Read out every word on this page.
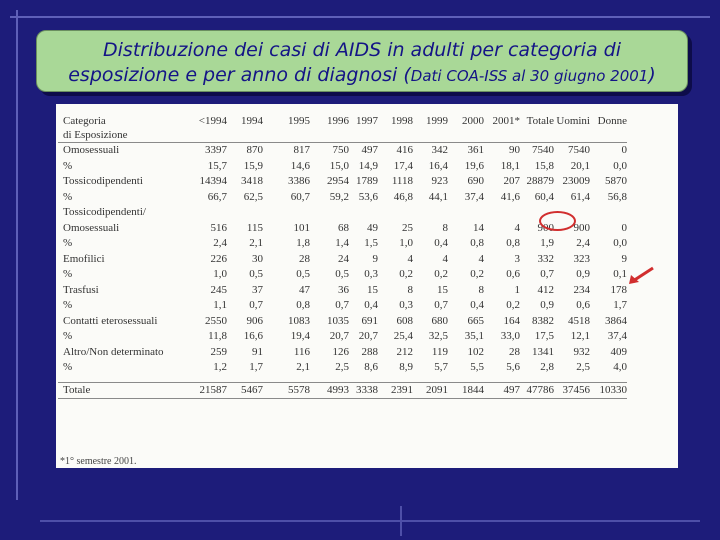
Distribuzione dei casi di AIDS in adulti per categoria di
esposizione e per anno di diagnosi (Dati COA-ISS al 30 giugno 2001)
Categoria
di Esposizione	<1994	1994	1995	1996	1997	1998	1999	2000	2001*	Totale	Uomini	Donne

Omosessuali	3397	870	817	750	497	416	342	361	90	7540	7540	0
%	15,7	15,9	14,6	15,0	14,9	17,4	16,4	19,6	18,1	15,8	20,1	0,0
Tossicodipendenti	14394	3418	3386	2954	1789	1118	923	690	207	28879	23009	5870
%	66,7	62,5	60,7	59,2	53,6	46,8	44,1	37,4	41,6	60,4	61,4	56,8
Tossicodipendenti/												
Omosessuali	516	115	101	68	49	25	8	14	4	900	900	0
%	2,4	2,1	1,8	1,4	1,5	1,0	0,4	0,8	0,8	1,9	2,4	0,0
Emofilici	226	30	28	24	9	4	4	4	3	332	323	9
%	1,0	0,5	0,5	0,5	0,3	0,2	0,2	0,2	0,6	0,7	0,9	0,1
Trasfusi	245	37	47	36	15	8	15	8	1	412	234	178
%	1,1	0,7	0,8	0,7	0,4	0,3	0,7	0,4	0,2	0,9	0,6	1,7
Contatti eterosessuali	2550	906	1083	1035	691	608	680	665	164	8382	4518	3864
%	11,8	16,6	19,4	20,7	20,7	25,4	32,5	35,1	33,0	17,5	12,1	37,4
Altro/Non determinato	259	91	116	126	288	212	119	102	28	1341	932	409
%	1,2	1,7	2,1	2,5	8,6	8,9	5,7	5,5	5,6	2,8	2,5	4,0

Totale	21587	5467	5578	4993	3338	2391	2091	1844	497	47786	37456	10330

*1° semestre 2001.
